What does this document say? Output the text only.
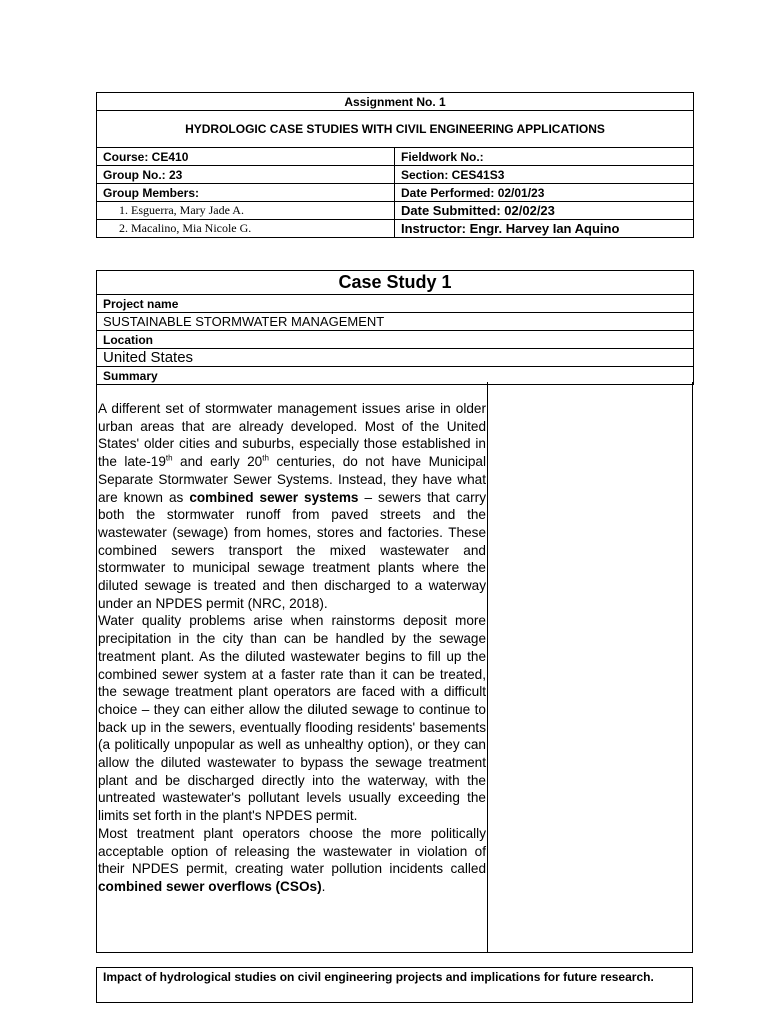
Assignment No. 1	
HYDROLOGIC CASE STUDIES WITH CIVIL ENGINEERING APPLICATIONS	
Course: CE410	Fieldwork No.:
Group No.: 23	Section: CES41S3
Group Members:	Date Performed: 02/01/23
1. Esguerra, Mary Jade A.	Date Submitted: 02/02/23
2. Macalino, Mia Nicole G.	Instructor: Engr. Harvey Ian Aquino
Case Study 1
Project name
SUSTAINABLE STORMWATER MANAGEMENT
Location
United States
Summary

A different set of stormwater management issues arise in older urban areas that are already developed. Most of the United States' older cities and suburbs, especially those established in the late-19th and early 20th centuries, do not have Municipal Separate Stormwater Sewer Systems. Instead, they have what are known as combined sewer systems – sewers that carry both the stormwater runoff from paved streets and the wastewater (sewage) from homes, stores and factories. These combined sewers transport the mixed wastewater and stormwater to municipal sewage treatment plants where the diluted sewage is treated and then discharged to a waterway under an NPDES permit (NRC, 2018).

Water quality problems arise when rainstorms deposit more precipitation in the city than can be handled by the sewage treatment plant. As the diluted wastewater begins to fill up the combined sewer system at a faster rate than it can be treated, the sewage treatment plant operators are faced with a difficult choice – they can either allow the diluted sewage to continue to back up in the sewers, eventually flooding residents' basements (a politically unpopular as well as unhealthy option), or they can allow the diluted wastewater to bypass the sewage treatment plant and be discharged directly into the waterway, with the untreated wastewater's pollutant levels usually exceeding the limits set forth in the plant's NPDES permit.

Most treatment plant operators choose the more politically acceptable option of releasing the wastewater in violation of their NPDES permit, creating water pollution incidents called combined sewer overflows (CSOs).

Impact of hydrological studies on civil engineering projects and implications for future research.
